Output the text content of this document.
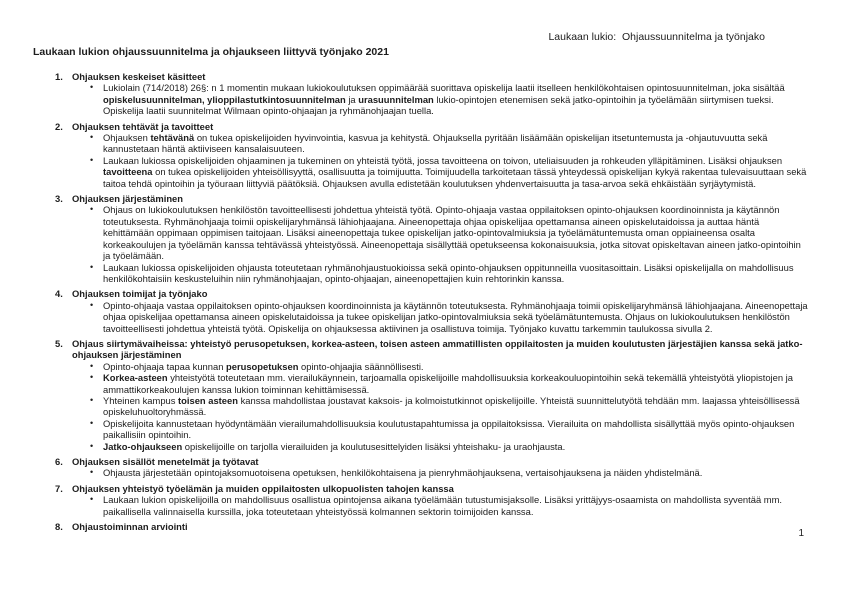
Laukaan lukio:  Ohjaussuunnitelma ja työnjako
Laukaan lukion ohjaussuunnitelma ja ohjaukseen liittyvä työnjako 2021
1. Ohjauksen keskeiset käsitteet
•	Lukiolain (714/2018) 26§: n 1 momentin mukaan lukiokoulutuksen oppimäärää suorittava opiskelija laatii itselleen henkilökohtaisen opintosuunnitelman, joka sisältää opiskelusuunnitelman, ylioppilastutkintosuunnitelman ja urasuunnitelman lukio-opintojen etenemisen sekä jatko-opintoihin ja työelämään siirtymisen tueksi. Opiskelija laatii suunnitelmat Wilmaan opinto-ohjaajan ja ryhmänohjaajan tuella.
2. Ohjauksen tehtävät ja tavoitteet
•	Ohjauksen tehtävänä on tukea opiskelijoiden hyvinvointia, kasvua ja kehitystä. Ohjauksella pyritään lisäämään opiskelijan itsetuntemusta ja -ohjautuvuutta sekä kannustetaan häntä aktiiviseen kansalaisuuteen.
•	Laukaan lukiossa opiskelijoiden ohjaaminen ja tukeminen on yhteistä työtä, jossa tavoitteena on toivon, uteliaisuuden ja rohkeuden ylläpitäminen. Lisäksi ohjauksen tavoitteena on tukea opiskelijoiden yhteisöllisyyttä, osallisuutta ja toimijuutta. Toimijuudella tarkoitetaan tässä yhteydessä opiskelijan kykyä rakentaa tulevaisuuttaan sekä taitoa tehdä opintoihin ja työuraan liittyviä päätöksiä. Ohjauksen avulla edistetään koulutuksen yhdenvertaisuutta ja tasa-arvoa sekä ehkäistään syrjäytymistä.
3. Ohjauksen järjestäminen
•	Ohjaus on lukiokoulutuksen henkilöstön tavoitteellisesti johdettua yhteistä työtä. Opinto-ohjaaja vastaa oppilaitoksen opinto-ohjauksen koordinoinnista ja käytännön toteutuksesta. Ryhmänohjaaja toimii opiskelijaryhmänsä lähiohjaajana. Aineenopettaja ohjaa opiskelijaa opettamansa aineen opiskelutaidoissa ja auttaa häntä kehittämään oppimaan oppimisen taitojaan. Lisäksi aineenopettaja tukee opiskelijan jatko-opintovalmiuksia ja työelämätuntemusta oman oppiaineensa osalta korkeakoulujen ja työelämän kanssa tehtävässä yhteistyössä. Aineenopettaja sisällyttää opetukseensa kokonaisuuksia, jotka sitovat opiskeltavan aineen jatko-opintoihin ja työelämään.
•	Laukaan lukiossa opiskelijoiden ohjausta toteutetaan ryhmänohjaustuokioissa sekä opinto-ohjauksen oppitunneilla vuositasoittain. Lisäksi opiskelijalla on mahdollisuus henkilökohtaisiin keskusteluihin niin ryhmänohjaajan, opinto-ohjaajan, aineenopettajien kuin rehtorinkin kanssa.
4. Ohjauksen toimijat ja työnjako
•	Opinto-ohjaaja vastaa oppilaitoksen opinto-ohjauksen koordinoinnista ja käytännön toteutuksesta. Ryhmänohjaaja toimii opiskelijaryhmänsä lähiohjaajana. Aineenopettaja ohjaa opiskelijaa opettamansa aineen opiskelutaidoissa ja tukee opiskelijan jatko-opintovalmiuksia sekä työelämätuntemusta. Ohjaus on lukiokoulutuksen henkilöstön tavoitteellisesti johdettua yhteistä työtä. Opiskelija on ohjauksessa aktiivinen ja osallistuva toimija. Työnjako kuvattu tarkemmin taulukossa sivulla 2.
5. Ohjaus siirtymävaiheissa: yhteistyö perusopetuksen, korkea-asteen, toisen asteen ammatillisten oppilaitosten ja muiden koulutusten järjestäjien kanssa sekä jatko-ohjauksen järjestäminen
•	Opinto-ohjaaja tapaa kunnan perusopetuksen opinto-ohjaajia säännöllisesti.
•	Korkea-asteen yhteistyötä toteutetaan mm. vierailukäynnein, tarjoamalla opiskelijoille mahdollisuuksia korkeakouluopintoihin sekä tekemällä yhteistyötä yliopistojen ja ammattikorkeakoulujen kanssa lukion toiminnan kehittämisessä.
•	Yhteinen kampus toisen asteen kanssa mahdollistaa joustavat kaksois- ja kolmoistutkinnot opiskelijoille. Yhteistä suunnittelutyötä tehdään mm. laajassa yhteisöllisessä opiskeluhuoltoryhmässä.
•	Opiskelijoita kannustetaan hyödyntämään vierailumahdollisuuksia koulutustapahtumissa ja oppilaitoksissa. Vierailuita on mahdollista sisällyttää myös opinto-ohjauksen paikallisiin opintoihin.
•	Jatko-ohjaukseen opiskelijoille on tarjolla vierailuiden ja koulutusesittelyiden lisäksi yhteishaku- ja uraohjausta.
6. Ohjauksen sisällöt menetelmät ja työtavat
•	Ohjausta järjestetään opintojaksomuotoisena opetuksen, henkilökohtaisena ja pienryhmäohjauksena, vertaisohjauksena ja näiden yhdistelmänä.
7. Ohjauksen yhteistyö työelämän ja muiden oppilaitosten ulkopuolisten tahojen kanssa
•	Laukaan lukion opiskelijoilla on mahdollisuus osallistua opintojensa aikana työelämään tutustumisjaksolle. Lisäksi yrittäjyys-osaamista on mahdollista syventää mm. paikallisella valinnaisella kurssilla, joka toteutetaan yhteistyössä kolmannen sektorin toimijoiden kanssa.
8. Ohjaustoiminnan arviointi
1
